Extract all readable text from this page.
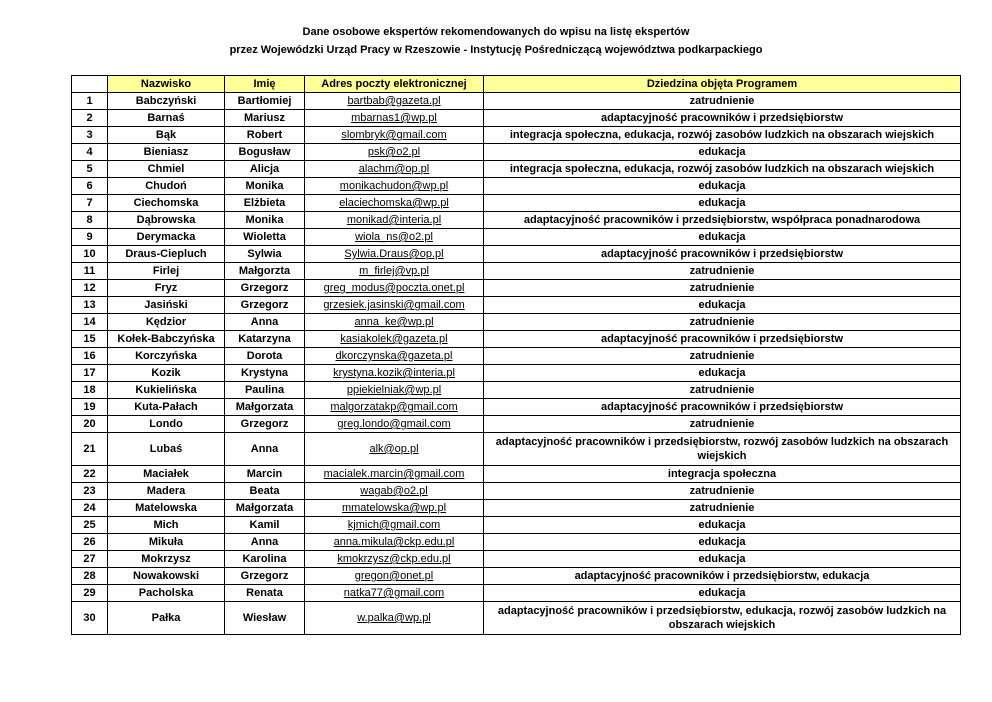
Dane osobowe ekspertów rekomendowanych do wpisu na listę ekspertów
przez Wojewódzki Urząd Pracy w Rzeszowie - Instytucję Pośredniczącą województwa podkarpackiego
	Nazwisko	Imię	Adres poczty elektronicznej	Dziedzina objęta Programem
1	Babczyński	Bartłomiej	bartbab@gazeta.pl	zatrudnienie
2	Barnaś	Mariusz	mbarnas1@wp.pl	adaptacyjność pracowników i przedsiębiorstw
3	Bąk	Robert	slombryk@gmail.com	integracja społeczna, edukacja, rozwój zasobów ludzkich na obszarach wiejskich
4	Bieniasz	Bogusław	psk@o2.pl	edukacja
5	Chmiel	Alicja	alachm@op.pl	integracja społeczna, edukacja, rozwój zasobów ludzkich na obszarach wiejskich
6	Chudoń	Monika	monikachudon@wp.pl	edukacja
7	Ciechomska	Elżbieta	elaciechomska@wp.pl	edukacja
8	Dąbrowska	Monika	monikad@interia.pl	adaptacyjność pracowników i przedsiębiorstw, współpraca ponadnarodowa
9	Derymacka	Wioletta	wiola_ns@o2.pl	edukacja
10	Draus-Ciepluch	Sylwia	Sylwia.Draus@op.pl	adaptacyjność pracowników i przedsiębiorstw
11	Firlej	Małgorzta	m_firlej@vp.pl	zatrudnienie
12	Fryz	Grzegorz	greg_modus@poczta.onet.pl	zatrudnienie
13	Jasiński	Grzegorz	grzesiek.jasinski@gmail.com	edukacja
14	Kędzior	Anna	anna_ke@wp.pl	zatrudnienie
15	Kołek-Babczyńska	Katarzyna	kasiakolek@gazeta.pl	adaptacyjność pracowników i przedsiębiorstw
16	Korczyńska	Dorota	dkorczynska@gazeta.pl	zatrudnienie
17	Kozik	Krystyna	krystyna.kozik@interia.pl	edukacja
18	Kukielińska	Paulina	ppiekielniak@wp.pl	zatrudnienie
19	Kuta-Pałach	Małgorzata	malgorzatakp@gmail.com	adaptacyjność pracowników i przedsiębiorstw
20	Londo	Grzegorz	greg.londo@gmail.com	zatrudnienie
21	Lubaś	Anna	alk@op.pl	adaptacyjność pracowników i przedsiębiorstw, rozwój zasobów ludzkich na obszarach wiejskich
22	Maciałek	Marcin	macialek.marcin@gmail.com	integracja społeczna
23	Madera	Beata	wagab@o2.pl	zatrudnienie
24	Matelowska	Małgorzata	mmatelowska@wp.pl	zatrudnienie
25	Mich	Kamil	kjmich@gmail.com	edukacja
26	Mikuła	Anna	anna.mikula@ckp.edu.pl	edukacja
27	Mokrzysz	Karolina	kmokrzysz@ckp.edu.pl	edukacja
28	Nowakowski	Grzegorz	gregon@onet.pl	adaptacyjność pracowników i przedsiębiorstw, edukacja
29	Pacholska	Renata	natka77@gmail.com	edukacja
30	Pałka	Wiesław	w.palka@wp.pl	adaptacyjność pracowników i przedsiębiorstw, edukacja, rozwój zasobów ludzkich na obszarach wiejskich
